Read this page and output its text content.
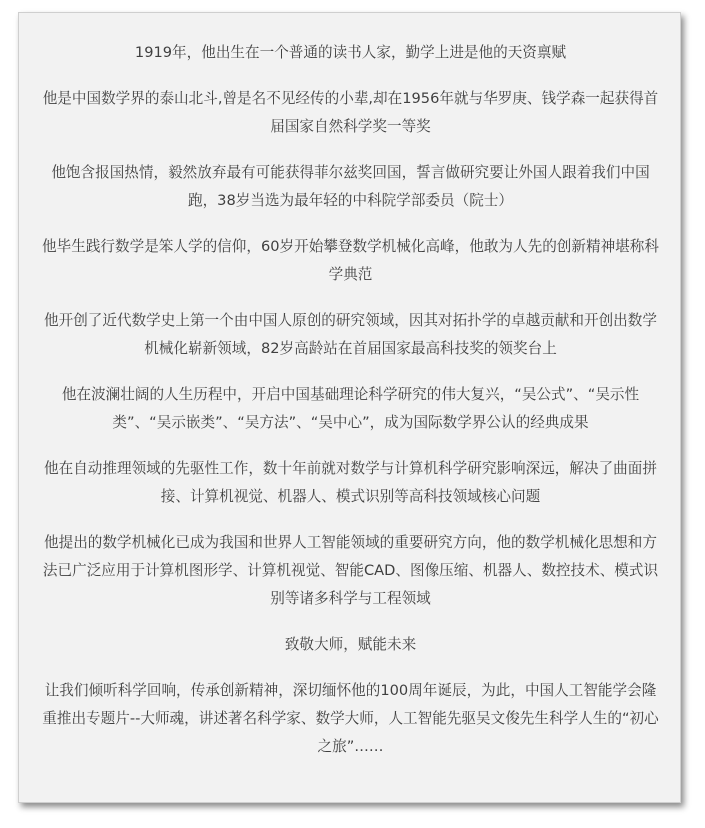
1919年，他出生在一个普通的读书人家，勤学上进是他的天资禀赋

他是中国数学界的泰山北斗,曾是名不见经传的小辈,却在1956年就与华罗庚、钱学森一起获得首届国家自然科学奖一等奖

他饱含报国热情，毅然放弃最有可能获得菲尔兹奖回国，誓言做研究要让外国人跟着我们中国跑，38岁当选为最年轻的中科院学部委员（院士）

他毕生践行数学是笨人学的信仰，60岁开始攀登数学机械化高峰，他敢为人先的创新精神堪称科学典范

他开创了近代数学史上第一个由中国人原创的研究领域，因其对拓扑学的卓越贡献和开创出数学机械化崭新领域，82岁高龄站在首届国家最高科技奖的领奖台上

他在波澜壮阔的人生历程中，开启中国基础理论科学研究的伟大复兴，“吴公式”、“吴示性类”、“吴示嵌类”、“吴方法”、“吴中心”，成为国际数学界公认的经典成果

他在自动推理领域的先驱性工作，数十年前就对数学与计算机科学研究影响深远，解决了曲面拼接、计算机视觉、机器人、模式识别等高科技领域核心问题

他提出的数学机械化已成为我国和世界人工智能领域的重要研究方向，他的数学机械化思想和方法已广泛应用于计算机图形学、计算机视觉、智能CAD、图像压缩、机器人、数控技术、模式识别等诸多科学与工程领域

致敬大师，赋能未来

让我们倾听科学回响，传承创新精神，深切缅怀他的100周年诞辰，为此，中国人工智能学会隆重推出专题片--大师魂，讲述著名科学家、数学大师，人工智能先驱吴文俊先生科学人生的“初心之旅”……
